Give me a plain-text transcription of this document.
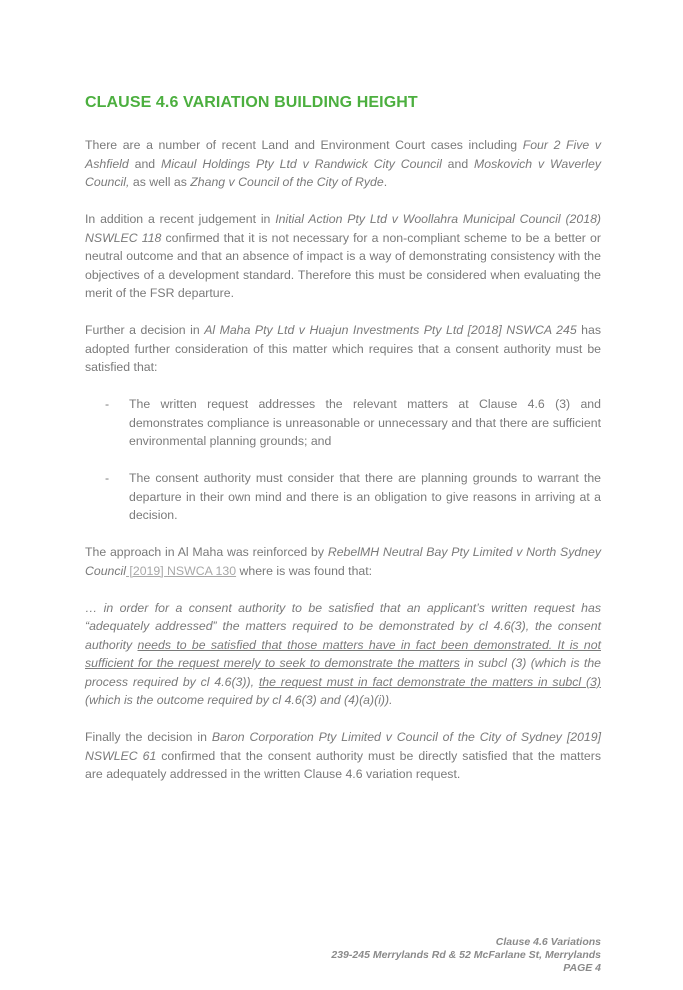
CLAUSE 4.6 VARIATION BUILDING HEIGHT

There are a number of recent Land and Environment Court cases including Four 2 Five v Ashfield and Micaul Holdings Pty Ltd v Randwick City Council and Moskovich v Waverley Council, as well as Zhang v Council of the City of Ryde.

In addition a recent judgement in Initial Action Pty Ltd v Woollahra Municipal Council (2018) NSWLEC 118 confirmed that it is not necessary for a non-compliant scheme to be a better or neutral outcome and that an absence of impact is a way of demonstrating consistency with the objectives of a development standard. Therefore this must be considered when evaluating the merit of the FSR departure.

Further a decision in Al Maha Pty Ltd v Huajun Investments Pty Ltd [2018] NSWCA 245 has adopted further consideration of this matter which requires that a consent authority must be satisfied that:

- The written request addresses the relevant matters at Clause 4.6 (3) and demonstrates compliance is unreasonable or unnecessary and that there are sufficient environmental planning grounds; and
- The consent authority must consider that there are planning grounds to warrant the departure in their own mind and there is an obligation to give reasons in arriving at a decision.

The approach in Al Maha was reinforced by RebelMH Neutral Bay Pty Limited v North Sydney Council [2019] NSWCA 130 where is was found that:

… in order for a consent authority to be satisfied that an applicant’s written request has “adequately addressed” the matters required to be demonstrated by cl 4.6(3), the consent authority needs to be satisfied that those matters have in fact been demonstrated. It is not sufficient for the request merely to seek to demonstrate the matters in subcl (3) (which is the process required by cl 4.6(3)), the request must in fact demonstrate the matters in subcl (3) (which is the outcome required by cl 4.6(3) and (4)(a)(i)).

Finally the decision in Baron Corporation Pty Limited v Council of the City of Sydney [2019] NSWLEC 61 confirmed that the consent authority must be directly satisfied that the matters are adequately addressed in the written Clause 4.6 variation request.

Clause 4.6 Variations
239-245 Merrylands Rd & 52 McFarlane St, Merrylands
PAGE 4
